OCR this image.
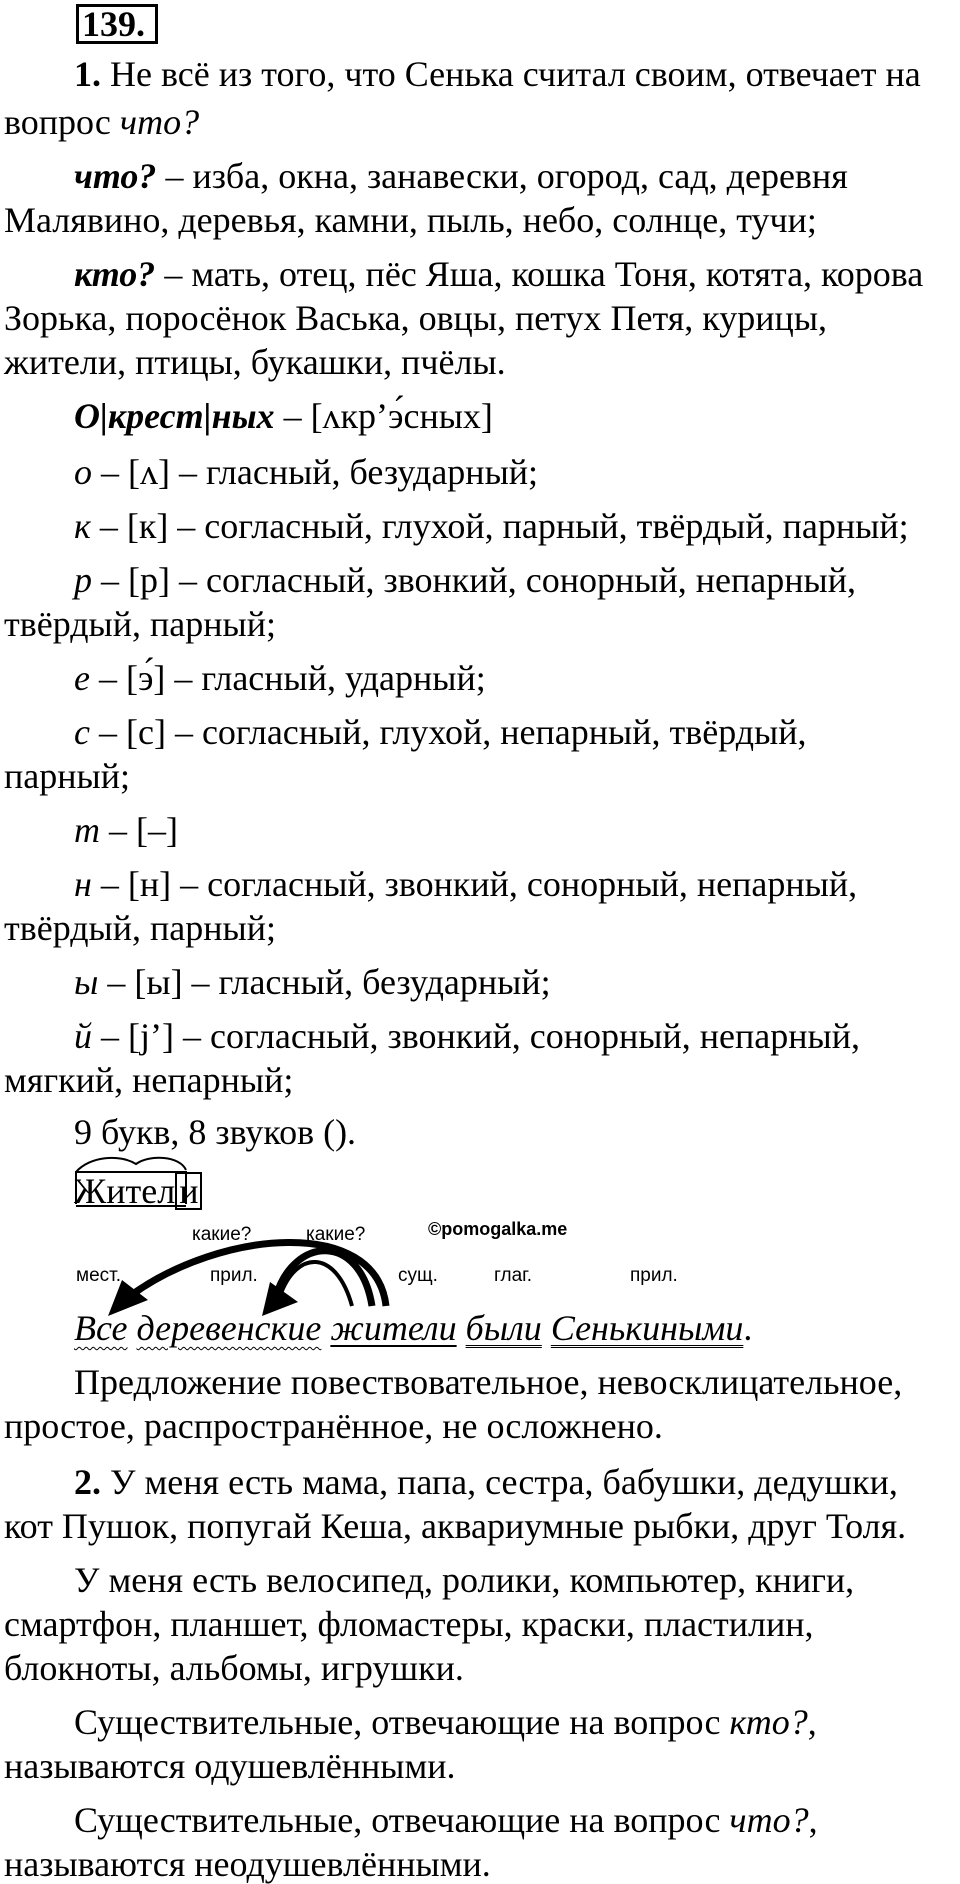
139.
1. Не всё из того, что Сенька считал своим, отвечает на
вопрос что?
что? – изба, окна, занавески, огород, сад, деревня
Малявино, деревья, камни, пыль, небо, солнце, тучи;
кто? – мать, отец, пёс Яша, кошка Тоня, котята, корова
Зорька, поросёнок Васька, овцы, петух Петя, курицы,
жители, птицы, букашки, пчёлы.
О|крест|ных – [ʌкр’э́сных]
о – [ʌ] – гласный, безударный;
к – [к] – согласный, глухой, парный, твёрдый, парный;
р – [р] – согласный, звонкий, сонорный, непарный,
твёрдый, парный;
е – [э́] – гласный, ударный;
с – [с] – согласный, глухой, непарный, твёрдый,
парный;
т – [–]
н – [н] – согласный, звонкий, сонорный, непарный,
твёрдый, парный;
ы – [ы] – гласный, безударный;
й – [j’] – согласный, звонкий, сонорный, непарный,
мягкий, непарный;
9 букв, 8 звуков ().
Жител и
какие?	какие?	©pomogalka.me
мест.	прил.	сущ.	глаг.	прил.
Все деревенские жители были Сенькиными.
Предложение повествовательное, невосклицательное,
простое, распространённое, не осложнено.
2. У меня есть мама, папа, сестра, бабушки, дедушки,
кот Пушок, попугай Кеша, аквариумные рыбки, друг Толя.
У меня есть велосипед, ролики, компьютер, книги,
смартфон, планшет, фломастеры, краски, пластилин,
блокноты, альбомы, игрушки.
Существительные, отвечающие на вопрос кто?,
называются одушевлёнными.
Существительные, отвечающие на вопрос что?,
называются неодушевлёнными.
